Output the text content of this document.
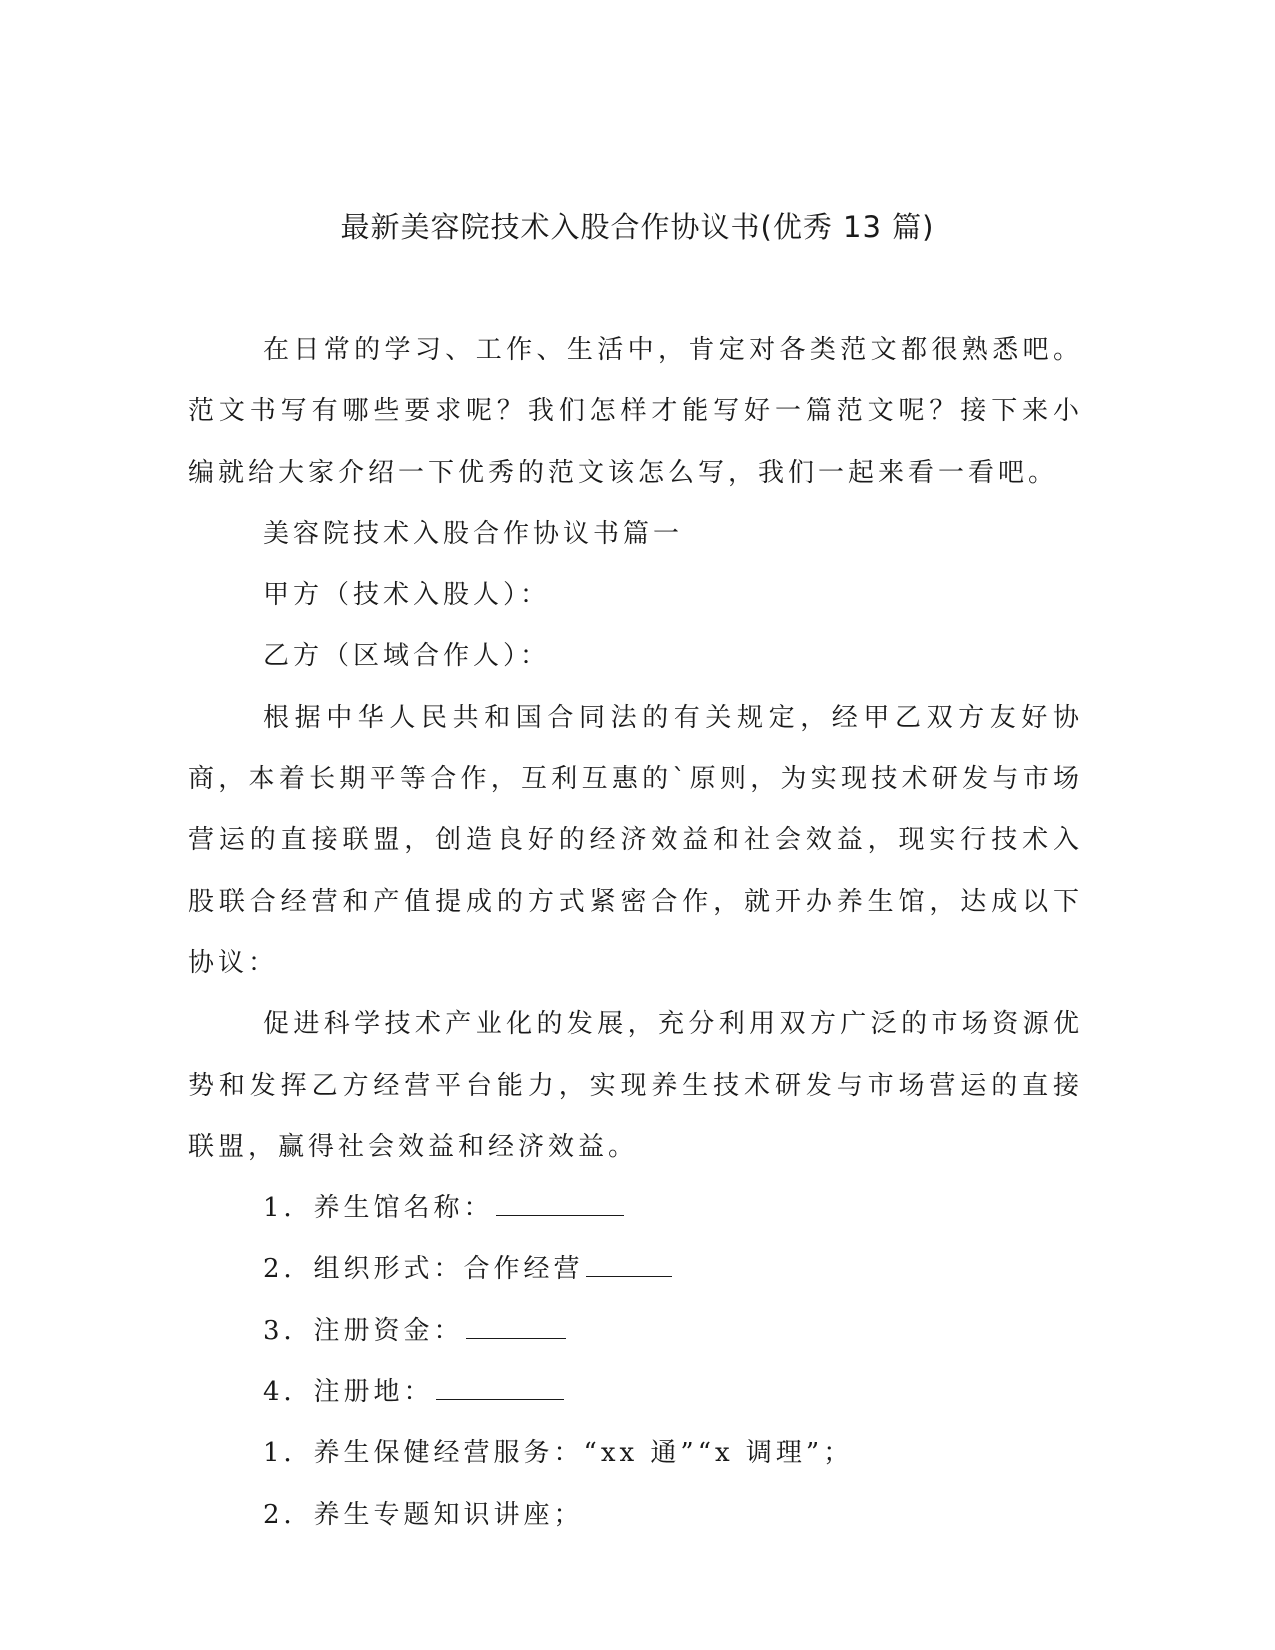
最新美容院技术入股合作协议书(优秀 13 篇)

在日常的学习、工作、生活中，肯定对各类范文都很熟悉吧。范文书写有哪些要求呢？我们怎样才能写好一篇范文呢？接下来小编就给大家介绍一下优秀的范文该怎么写，我们一起来看一看吧。

美容院技术入股合作协议书篇一

甲方（技术入股人）：

乙方（区域合作人）：

根据中华人民共和国合同法的有关规定，经甲乙双方友好协商，本着长期平等合作，互利互惠的`原则，为实现技术研发与市场营运的直接联盟，创造良好的经济效益和社会效益，现实行技术入股联合经营和产值提成的方式紧密合作，就开办养生馆，达成以下协议：

促进科学技术产业化的发展，充分利用双方广泛的市场资源优势和发挥乙方经营平台能力，实现养生技术研发与市场营运的直接联盟，赢得社会效益和经济效益。

1．养生馆名称：

2．组织形式：合作经营

3．注册资金：

4．注册地：

1．养生保健经营服务：“xx 通”“x 调理”；

2．养生专题知识讲座；
